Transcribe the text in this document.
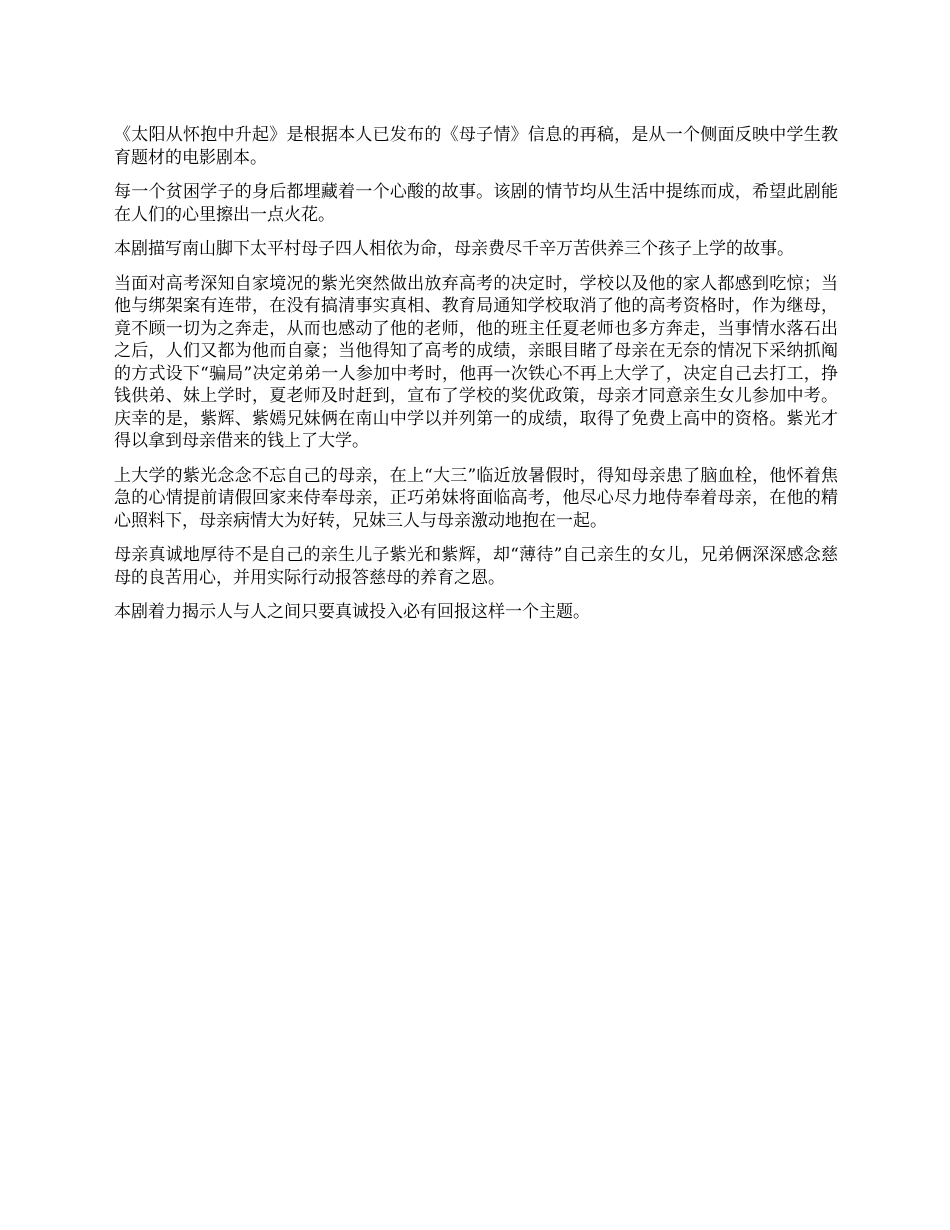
《太阳从怀抱中升起》是根据本人已发布的《母子情》信息的再稿，是从一个侧面反映中学生教育题材的电影剧本。

每一个贫困学子的身后都埋藏着一个心酸的故事。该剧的情节均从生活中提练而成，希望此剧能在人们的心里擦出一点火花。

本剧描写南山脚下太平村母子四人相依为命，母亲费尽千辛万苦供养三个孩子上学的故事。

当面对高考深知自家境况的紫光突然做出放弃高考的决定时，学校以及他的家人都感到吃惊；当他与绑架案有连带，在没有搞清事实真相、教育局通知学校取消了他的高考资格时，作为继母，竟不顾一切为之奔走，从而也感动了他的老师，他的班主任夏老师也多方奔走，当事情水落石出之后，人们又都为他而自豪；当他得知了高考的成绩，亲眼目睹了母亲在无奈的情况下采纳抓阄的方式设下“骗局”决定弟弟一人参加中考时，他再一次铁心不再上大学了，决定自己去打工，挣钱供弟、妹上学时，夏老师及时赶到，宣布了学校的奖优政策，母亲才同意亲生女儿参加中考。庆幸的是，紫辉、紫嫣兄妹俩在南山中学以并列第一的成绩，取得了免费上高中的资格。紫光才得以拿到母亲借来的钱上了大学。

上大学的紫光念念不忘自己的母亲，在上“大三”临近放暑假时，得知母亲患了脑血栓，他怀着焦急的心情提前请假回家来侍奉母亲，正巧弟妹将面临高考，他尽心尽力地侍奉着母亲，在他的精心照料下，母亲病情大为好转，兄妹三人与母亲激动地抱在一起。

母亲真诚地厚待不是自己的亲生儿子紫光和紫辉，却“薄待”自己亲生的女儿，兄弟俩深深感念慈母的良苦用心，并用实际行动报答慈母的养育之恩。

本剧着力揭示人与人之间只要真诚投入必有回报这样一个主题。
